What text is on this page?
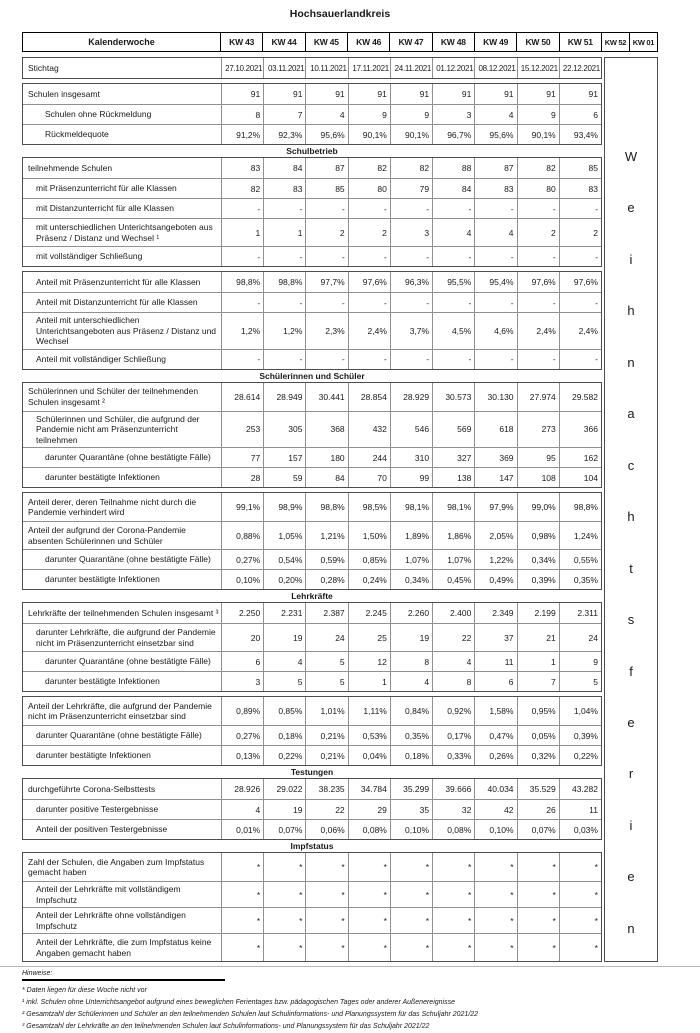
Hochsauerlandkreis
Kalenderwoche	KW 43	KW 44	KW 45	KW 46	KW 47	KW 48	KW 49	KW 50	KW 51	KW 52 KW 01
Stichtag	27.10.2021 03.11.2021 10.11.2021 17.11.2021 24.11.2021 01.12.2021 08.12.2021 15.12.2021 22.12.2021
Schulen insgesamt	91	91	91	91	91	91	91	91	91
Schulen ohne Rückmeldung	8	7	4	9	9	3	4	9	6
Rückmeldequote	91,2%	92,3%	95,6%	90,1%	90,1%	96,7%	95,6%	90,1%	93,4%
Schulbetrieb
teilnehmende Schulen	83	84	87	82	82	88	87	82	85
mit Präsenzunterricht für alle Klassen	82	83	85	80	79	84	83	80	83
mit Distanzunterricht für alle Klassen	-	-	-	-	-	-	-	-	-
mit unterschiedlichen Unterichtsangeboten aus Präsenz / Distanz und Wechsel ¹	1	1	2	2	3	4	4	2	2
mit vollständiger Schließung	-	-	-	-	-	-	-	-	-
Anteil mit Präsenzunterricht für alle Klassen	98,8%	98,8%	97,7%	97,6%	96,3%	95,5%	95,4%	97,6%	97,6%
Anteil mit Distanzunterricht für alle Klassen	-	-	-	-	-	-	-	-	-
Anteil mit unterschiedlichen Unterichtsangeboten aus Präsenz / Distanz und Wechsel
1,2%	1,2%	2,3%	2,4%	3,7%	4,5%	4,6%	2,4%	2,4%
Anteil mit vollständiger Schließung	-	-	-	-	-	-	-	-	-
Schülerinnen und Schüler
Schülerinnen und Schüler der teilnehmenden Schulen insgesamt ²	28.614	28.949	30.441	28.854	28.929	30.573	30.130	27.974	29.582
Schülerinnen und Schüler, die aufgrund der Pandemie nicht am Präsenzunterricht teilnehmen
253	305	368	432	546	569	618	273	366
darunter Quarantäne (ohne bestätigte Fälle)	77	157	180	244	310	327	369	95	162
darunter bestätigte Infektionen	28	59	84	70	99	138	147	108	104
Anteil derer, deren Teilnahme nicht durch die Pandemie verhindert wird	99,1%	98,9%	98,8%	98,5%	98,1%	98,1%	97,9%	99,0%	98,8%
Anteil der aufgrund der Corona-Pandemie absenten Schülerinnen und Schüler	0,88%	1,05%	1,21%	1,50%	1,89%	1,86%	2,05%	0,98%	1,24%
darunter Quarantäne (ohne bestätigte Fälle)	0,27%	0,54%	0,59%	0,85%	1,07%	1,07%	1,22%	0,34%	0,55%
darunter bestätigte Infektionen	0,10%	0,20%	0,28%	0,24%	0,34%	0,45%	0,49%	0,39%	0,35%
Lehrkräfte
Lehrkräfte der teilnehmenden Schulen insgesamt ³	2.250	2.231	2.387	2.245	2.260	2.400	2.349	2.199	2.311
darunter Lehrkräfte, die aufgrund der Pandemie nicht im Präsenzunterricht einsetzbar sind	20	19	24	25	19	22	37	21	24
darunter Quarantäne (ohne bestätigte Fälle)	6	4	5	12	8	4	11	1	9
darunter bestätigte Infektionen	3	5	5	1	4	8	6	7	5
Anteil der Lehrkräfte, die aufgrund der Pandemie nicht im Präsenzunterricht einsetzbar sind	0,89%	0,85%	1,01%	1,11%	0,84%	0,92%	1,58%	0,95%	1,04%
darunter Quarantäne (ohne bestätigte Fälle)	0,27%	0,18%	0,21%	0,53%	0,35%	0,17%	0,47%	0,05%	0,39%
darunter bestätigte Infektionen	0,13%	0,22%	0,21%	0,04%	0,18%	0,33%	0,26%	0,32%	0,22%
Testungen
durchgeführte Corona-Selbsttests	28.926	29.022	38.235	34.784	35.299	39.666	40.034	35.529	43.282
darunter positive Testergebnisse	4	19	22	29	35	32	42	26	11
Anteil der positiven Testergebnisse	0,01%	0,07%	0,06%	0,08%	0,10%	0,08%	0,10%	0,07%	0,03%
Impfstatus
Zahl der Schulen, die Angaben zum Impfstatus gemacht haben	*	*	*	*	*	*	*	*	*
Anteil der Lehrkräfte mit vollständigem Impfschutz	*	*	*	*	*	*	*	*	*
Anteil der Lehrkräfte ohne vollständigen Impfschutz	*	*	*	*	*	*	*	*	*
Anteil der Lehrkräfte, die zum Impfstatus keine Angaben gemacht haben	*	*	*	*	*	*	*	*	*
W
e
i
h
n
a
c
h
t
s
f
e
r
i
e
n
Hinweise:
* Daten liegen für diese Woche nicht vor
¹ inkl. Schulen ohne Unterrichtsangebot aufgrund eines beweglichen Ferientages bzw. pädagogischen Tages oder anderer Außenereignisse
² Gesamtzahl der Schülerinnen und Schüler an den teilnehmenden Schulen laut Schulinformations- und Planungssystem für das Schuljahr 2021/22
³ Gesamtzahl der Lehrkräfte an den teilnehmenden Schulen laut Schulinformations- und Planungssystem für das Schuljahr 2021/22
